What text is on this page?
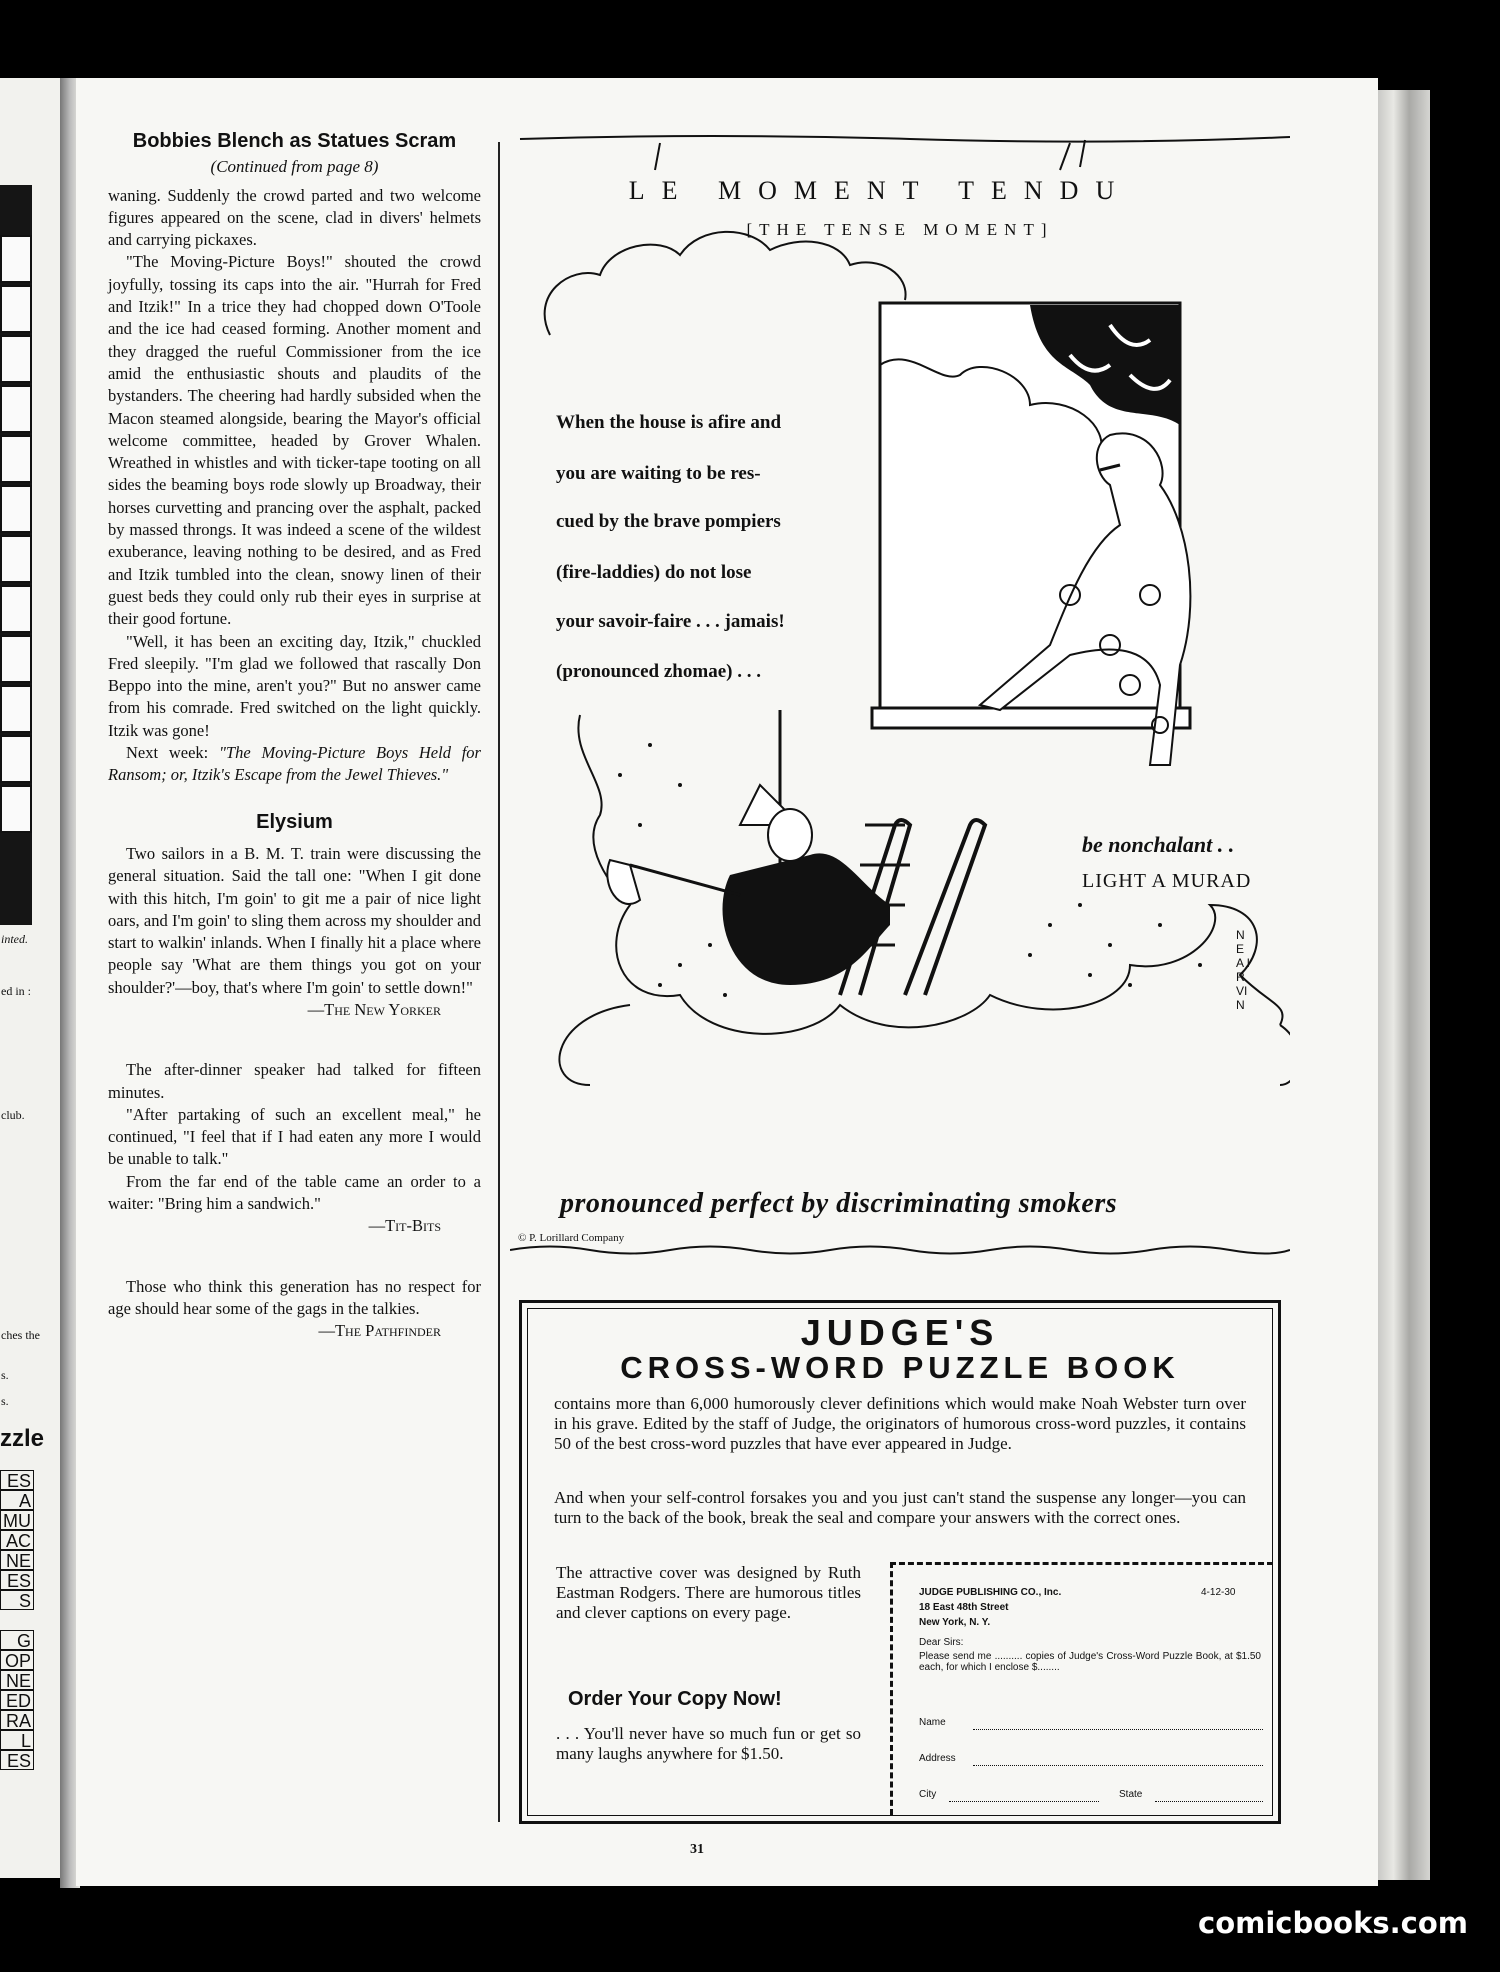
inted.
ed in :
club.
ches the
s.
s.
zzle
ES
A
MU
AC
NE
ES
S
G
OP
NE
ED
RA
L
ES
Bobbies Blench as Statues Scram
(Continued from page 8)

waning. Suddenly the crowd parted and two welcome figures appeared on the scene, clad in divers' helmets and carrying pickaxes.

"The Moving-Picture Boys!" shouted the crowd joyfully, tossing its caps into the air. "Hurrah for Fred and Itzik!" In a trice they had chopped down O'Toole and the ice had ceased forming. Another moment and they dragged the rueful Commissioner from the ice amid the enthusiastic shouts and plaudits of the bystanders. The cheering had hardly subsided when the Macon steamed alongside, bearing the Mayor's official welcome committee, headed by Grover Whalen. Wreathed in whistles and with ticker-tape tooting on all sides the beaming boys rode slowly up Broadway, their horses curvetting and prancing over the asphalt, packed by massed throngs. It was indeed a scene of the wildest exuberance, leaving nothing to be desired, and as Fred and Itzik tumbled into the clean, snowy linen of their guest beds they could only rub their eyes in surprise at their good fortune.

"Well, it has been an exciting day, Itzik," chuckled Fred sleepily. "I'm glad we followed that rascally Don Beppo into the mine, aren't you?" But no answer came from his comrade. Fred switched on the light quickly. Itzik was gone!

Next week: "The Moving-Picture Boys Held for Ransom; or, Itzik's Escape from the Jewel Thieves."

Elysium

Two sailors in a B. M. T. train were discussing the general situation. Said the tall one: "When I git done with this hitch, I'm goin' to git me a pair of nice light oars, and I'm goin' to sling them across my shoulder and start to walkin' inlands. When I finally hit a place where people say 'What are them things you got on your shoulder?'—boy, that's where I'm goin' to settle down!"

—The New Yorker

The after-dinner speaker had talked for fifteen minutes.

"After partaking of such an excellent meal," he continued, "I feel that if I had eaten any more I would be unable to talk."

From the far end of the table came an order to a waiter: "Bring him a sandwich."

—Tit-Bits

Those who think this generation has no respect for age should hear some of the gags in the talkies.

—The Pathfinder

LE MOMENT TENDU
[THE TENSE MOMENT]
When the house is afire and
you are waiting to be res-
cued by the brave pompiers
(fire-laddies) do not lose
your savoir-faire . . . jamais!
(pronounced zhomae) . . .
be nonchalant . .
LIGHT A MURAD
NEA IRVIN
pronounced perfect by discriminating smokers
© P. Lorillard Company
JUDGE'S
CROSS-WORD PUZZLE BOOK
contains more than 6,000 humorously clever definitions which would make Noah Webster turn over in his grave. Edited by the staff of Judge, the originators of humorous cross-word puzzles, it contains 50 of the best cross-word puzzles that have ever appeared in Judge.
And when your self-control forsakes you and you just can't stand the suspense any longer—you can turn to the back of the book, break the seal and compare your answers with the correct ones.
The attractive cover was designed by Ruth Eastman Rodgers. There are humorous titles and clever captions on every page.
Order Your Copy Now!
. . . You'll never have so much fun or get so many laughs anywhere for $1.50.
JUDGE PUBLISHING CO., Inc.	4-12-30
18 East 48th Street
New York, N. Y.
Dear Sirs:
Please send me .......... copies of Judge's Cross-Word Puzzle Book, at $1.50 each, for which I enclose $........
Name
Address
City	State
31
comicbooks.com
